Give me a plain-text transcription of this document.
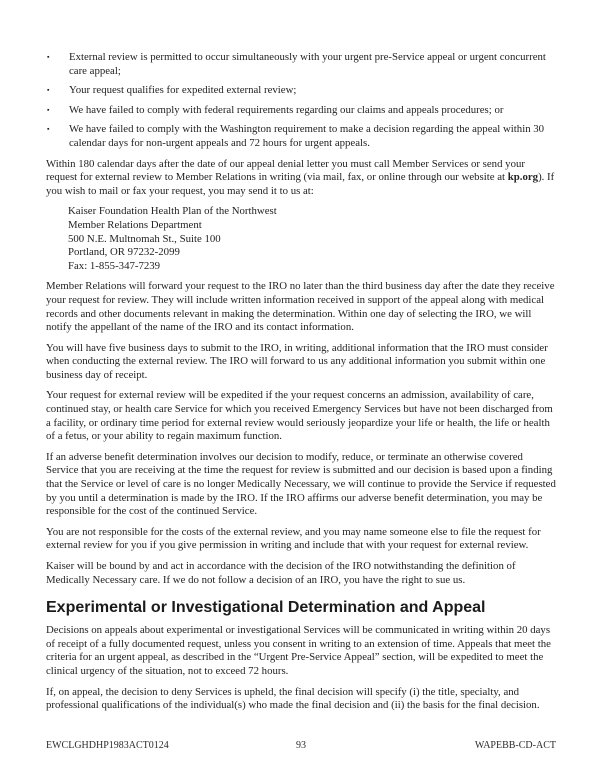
▪	External review is permitted to occur simultaneously with your urgent pre-Service appeal or urgent concurrent care appeal;
▪	Your request qualifies for expedited external review;
▪	We have failed to comply with federal requirements regarding our claims and appeals procedures; or
▪	We have failed to comply with the Washington requirement to make a decision regarding the appeal within 30 calendar days for non-urgent appeals and 72 hours for urgent appeals.

Within 180 calendar days after the date of our appeal denial letter you must call Member Services or send your request for external review to Member Relations in writing (via mail, fax, or online through our website at kp.org). If you wish to mail or fax your request, you may send it to us at:

Kaiser Foundation Health Plan of the Northwest
Member Relations Department
500 N.E. Multnomah St., Suite 100
Portland, OR 97232-2099
Fax: 1-855-347-7239

Member Relations will forward your request to the IRO no later than the third business day after the date they receive your request for review. They will include written information received in support of the appeal along with medical records and other documents relevant in making the determination. Within one day of selecting the IRO, we will notify the appellant of the name of the IRO and its contact information.

You will have five business days to submit to the IRO, in writing, additional information that the IRO must consider when conducting the external review. The IRO will forward to us any additional information you submit within one business day of receipt.

Your request for external review will be expedited if the your request concerns an admission, availability of care, continued stay, or health care Service for which you received Emergency Services but have not been discharged from a facility, or ordinary time period for external review would seriously jeopardize your life or health, the life or health of a fetus, or your ability to regain maximum function.

If an adverse benefit determination involves our decision to modify, reduce, or terminate an otherwise covered Service that you are receiving at the time the request for review is submitted and our decision is based upon a finding that the Service or level of care is no longer Medically Necessary, we will continue to provide the Service if requested by you until a determination is made by the IRO. If the IRO affirms our adverse benefit determination, you may be responsible for the cost of the continued Service.

You are not responsible for the costs of the external review, and you may name someone else to file the request for external review for you if you give permission in writing and include that with your request for external review.

Kaiser will be bound by and act in accordance with the decision of the IRO notwithstanding the definition of Medically Necessary care. If we do not follow a decision of an IRO, you have the right to sue us.

Experimental or Investigational Determination and Appeal

Decisions on appeals about experimental or investigational Services will be communicated in writing within 20 days of receipt of a fully documented request, unless you consent in writing to an extension of time. Appeals that meet the criteria for an urgent appeal, as described in the “Urgent Pre-Service Appeal” section, will be expedited to meet the clinical urgency of the situation, not to exceed 72 hours.

If, on appeal, the decision to deny Services is upheld, the final decision will specify (i) the title, specialty, and professional qualifications of the individual(s) who made the final decision and (ii) the basis for the final decision.

EWCLGHDHP1983ACT0124	93	WAPEBB-CD-ACT
